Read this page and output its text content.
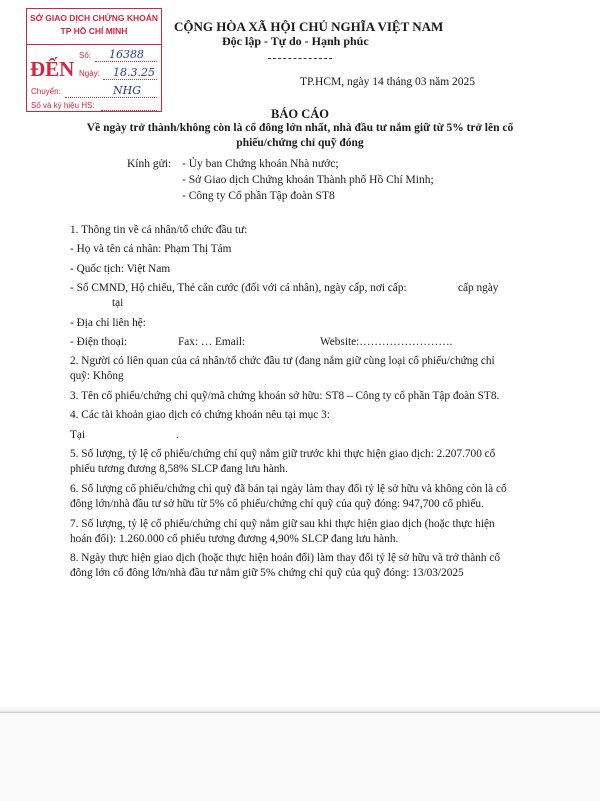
SỞ GIAO DỊCH CHỨNG KHOÁN
TP HỒ CHÍ MINH
ĐẾN
Số: 16388
Ngày: 18.3.25
Chuyển:	NHG
Số và ký hiệu HS:
CỘNG HÒA XÃ HỘI CHỦ NGHĨA VIỆT NAM
Độc lập - Tự do - Hạnh phúc
TP.HCM, ngày 14 tháng 03 năm 2025
BÁO CÁO
Về ngày trở thành/không còn là cổ đông lớn nhất, nhà đầu tư nắm giữ từ 5% trở lên cổ
phiếu/chứng chỉ quỹ đóng
Kính gửi: - Ủy ban Chứng khoán Nhà nước;
- Sở Giao dịch Chứng khoán Thành phố Hồ Chí Minh;
- Công ty Cổ phần Tập đoàn ST8
1. Thông tin về cá nhân/tổ chức đầu tư:
- Họ và tên cá nhân: Phạm Thị Tám
- Quốc tịch: Việt Nam
- Số CMND, Hộ chiếu, Thẻ căn cước (đối với cá nhân), ngày cấp, nơi cấp:	cấp ngày
tại
- Địa chỉ liên hệ:
- Điện thoại:	Fax: … Email:	Website:…………………….
2. Người có liên quan của cá nhân/tổ chức đầu tư (đang nắm giữ cùng loại cổ phiếu/chứng chỉ
quỹ: Không
3. Tên cổ phiếu/chứng chỉ quỹ/mã chứng khoán sở hữu: ST8 – Công ty cổ phần Tập đoàn ST8.
4. Các tài khoản giao dịch có chứng khoán nêu tại mục 3:
Tại	.
5. Số lượng, tỷ lệ cổ phiếu/chứng chỉ quỹ nắm giữ trước khi thực hiện giao dịch: 2.207.700 cổ
phiếu tương đương 8,58% SLCP đang lưu hành.
6. Số lượng cổ phiếu/chứng chỉ quỹ đã bán tại ngày làm thay đổi tỷ lệ sở hữu và không còn là cổ
đông lớn/nhà đầu tư sở hữu từ 5% cổ phiếu/chứng chỉ quỹ của quỹ đóng: 947,700 cổ phiếu.
7. Số lượng, tỷ lệ cổ phiếu/chứng chỉ quỹ nắm giữ sau khi thực hiện giao dịch (hoặc thực hiện
hoán đổi): 1.260.000 cổ phiếu tương đương 4,90% SLCP đang lưu hành.
8. Ngày thực hiện giao dịch (hoặc thực hiện hoán đổi) làm thay đổi tỷ lệ sở hữu và trở thành cổ
đông lớn cổ đông lớn/nhà đầu tư nắm giữ 5% chứng chỉ quỹ của quỹ đóng: 13/03/2025
